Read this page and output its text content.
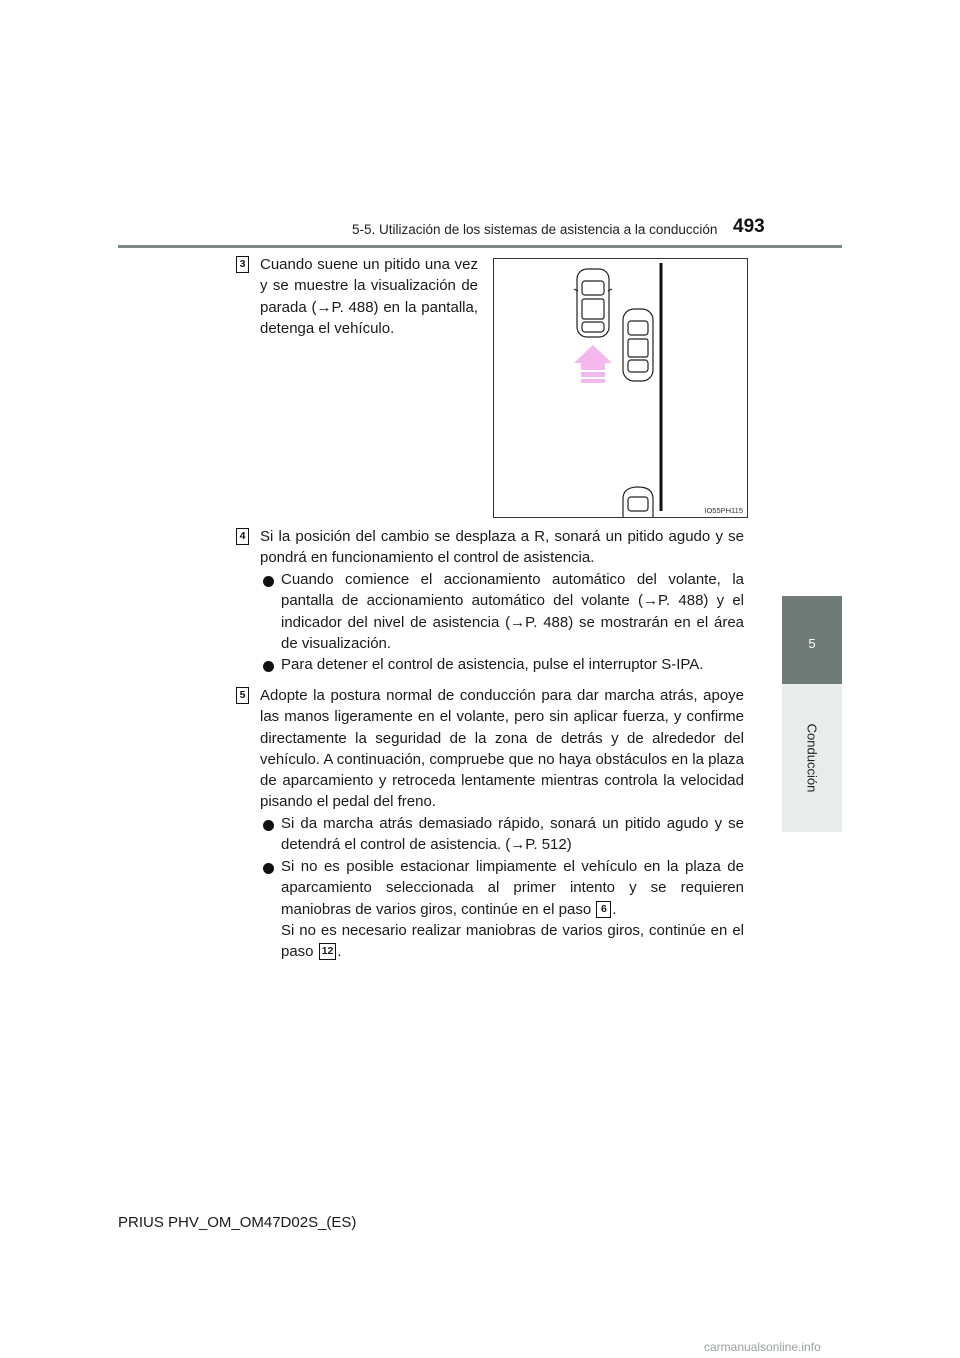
5-5. Utilización de los sistemas de asistencia a la conducción 493
5
Conducción
3 Cuando suene un pitido una vez y se muestre la visualización de parada (→P. 488) en la pantalla, detenga el vehículo.
IO55PH115
4 Si la posición del cambio se desplaza a R, sonará un pitido agudo y se pondrá en funcionamiento el control de asistencia.
Cuando comience el accionamiento automático del volante, la pantalla de accionamiento automático del volante (→P. 488) y el indicador del nivel de asistencia (→P. 488) se mostrarán en el área de visualización.
Para detener el control de asistencia, pulse el interruptor S-IPA.
5 Adopte la postura normal de conducción para dar marcha atrás, apoye las manos ligeramente en el volante, pero sin aplicar fuerza, y confirme directamente la seguridad de la zona de detrás y de alrededor del vehículo. A continuación, compruebe que no haya obstáculos en la plaza de aparcamiento y retroceda lentamente mientras controla la velocidad pisando el pedal del freno.
Si da marcha atrás demasiado rápido, sonará un pitido agudo y se detendrá el control de asistencia. (→P. 512)
Si no es posible estacionar limpiamente el vehículo en la plaza de aparcamiento seleccionada al primer intento y se requieren maniobras de varios giros, continúe en el paso 6 .
Si no es necesario realizar maniobras de varios giros, continúe en el paso 12 .
PRIUS PHV_OM_OM47D02S_(ES)
carmanualsonline.info
